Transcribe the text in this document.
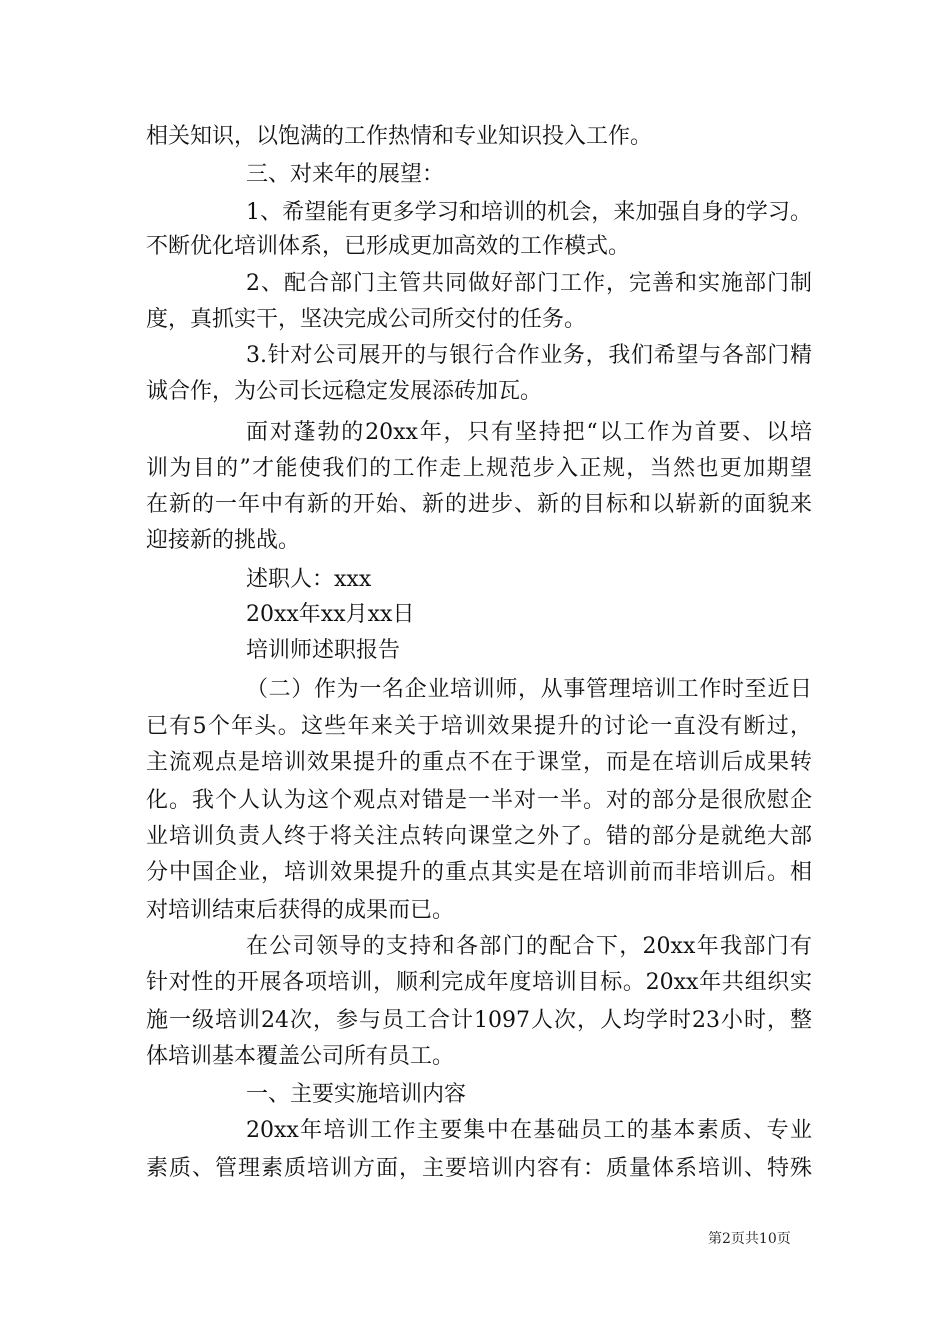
相关知识，以饱满的工作热情和专业知识投入工作。
三、对来年的展望：
1、希望能有更多学习和培训的机会，来加强自身的学习。
不断优化培训体系，已形成更加高效的工作模式。
2、配合部门主管共同做好部门工作，完善和实施部门制
度，真抓实干，坚决完成公司所交付的任务。
3.针对公司展开的与银行合作业务，我们希望与各部门精
诚合作，为公司长远稳定发展添砖加瓦。
面对蓬勃的20xx年，只有坚持把“以工作为首要、以培
训为目的”才能使我们的工作走上规范步入正规，当然也更加期望
在新的一年中有新的开始、新的进步、新的目标和以崭新的面貌来
迎接新的挑战。
述职人：xxx
20xx年xx月xx日
培训师述职报告
（二）作为一名企业培训师，从事管理培训工作时至近日
已有5个年头。这些年来关于培训效果提升的讨论一直没有断过，
主流观点是培训效果提升的重点不在于课堂，而是在培训后成果转
化。我个人认为这个观点对错是一半对一半。对的部分是很欣慰企
业培训负责人终于将关注点转向课堂之外了。错的部分是就绝大部
分中国企业，培训效果提升的重点其实是在培训前而非培训后。相
对培训结束后获得的成果而已。
在公司领导的支持和各部门的配合下，20xx年我部门有
针对性的开展各项培训，顺利完成年度培训目标。20xx年共组织实
施一级培训24次，参与员工合计1097人次，人均学时23小时，整
体培训基本覆盖公司所有员工。
一、主要实施培训内容
20xx年培训工作主要集中在基础员工的基本素质、专业
素质、管理素质培训方面，主要培训内容有：质量体系培训、特殊
第2页共10页
